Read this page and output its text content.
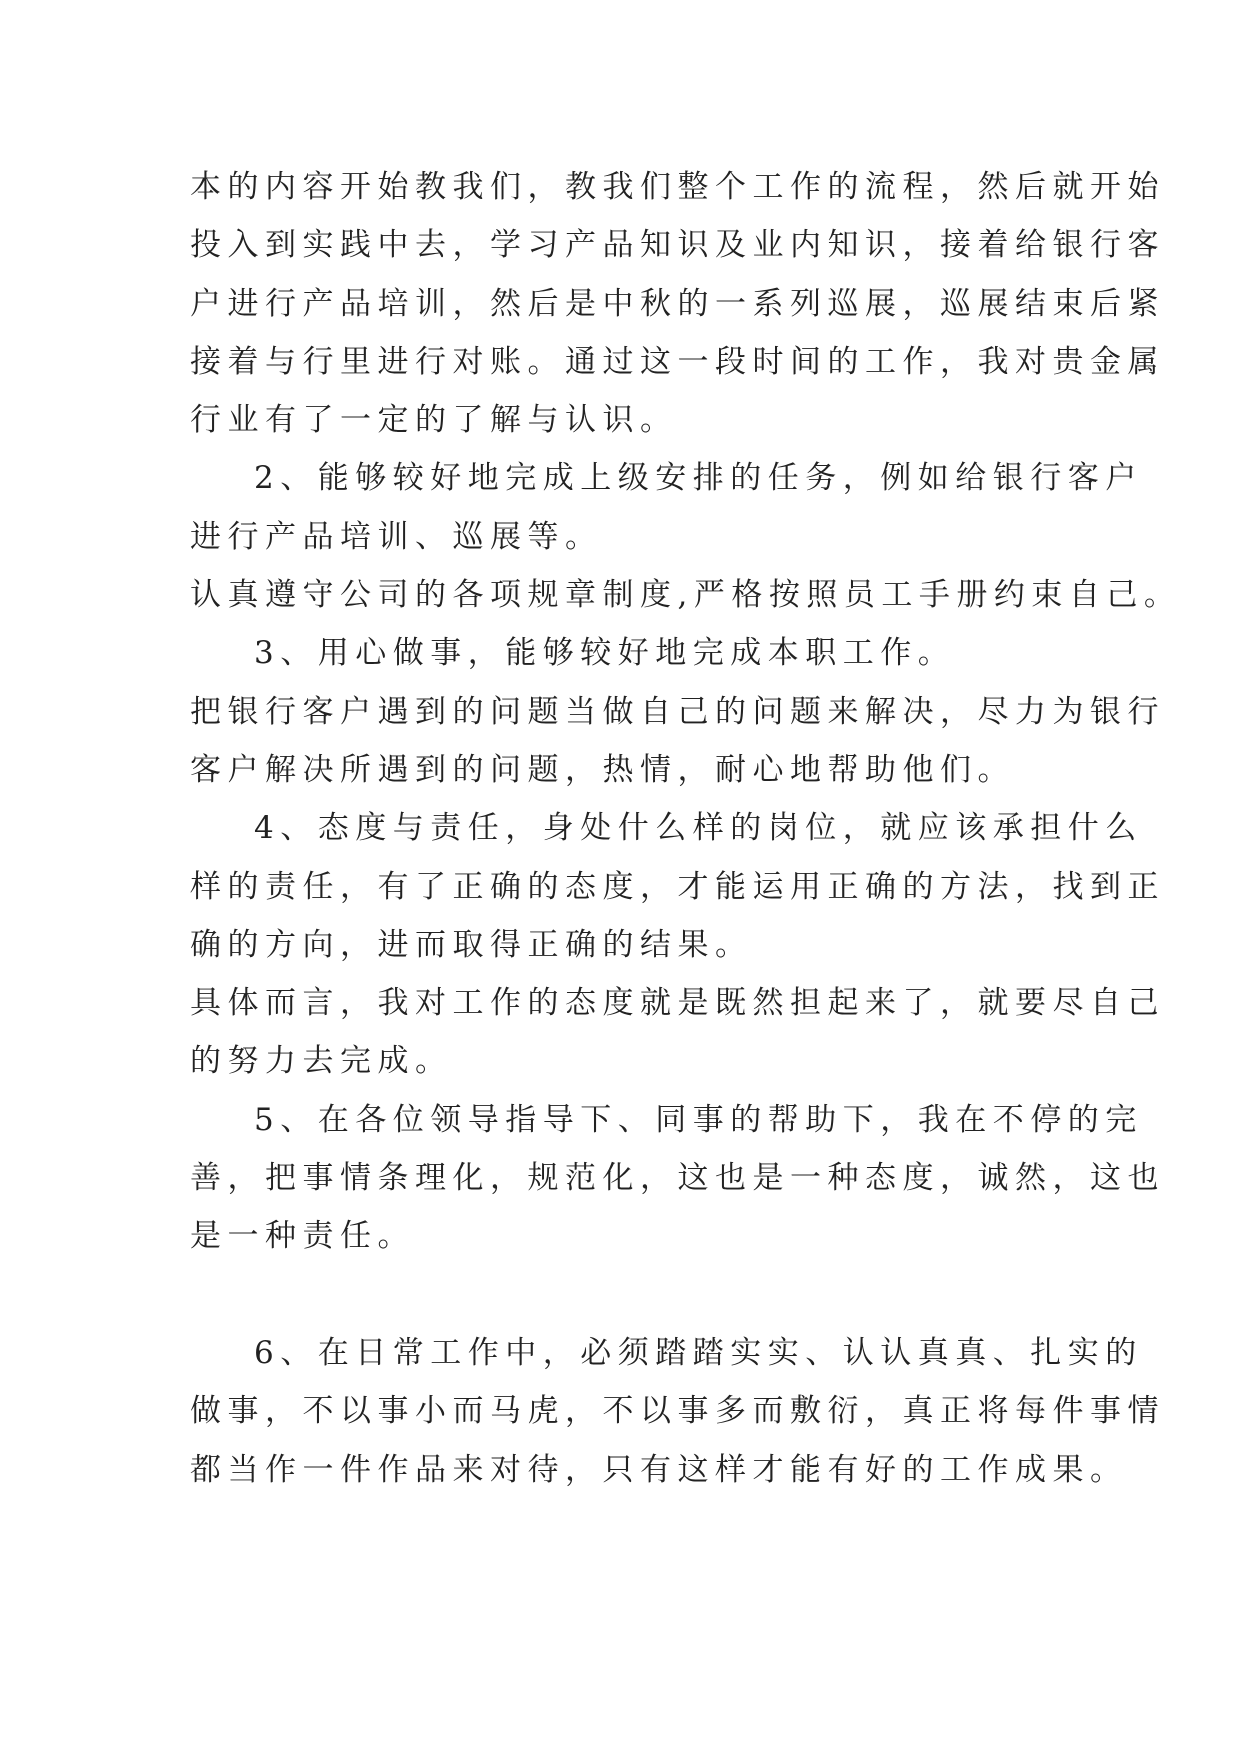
本的内容开始教我们，教我们整个工作的流程，然后就开始
投入到实践中去，学习产品知识及业内知识，接着给银行客
户进行产品培训，然后是中秋的一系列巡展，巡展结束后紧
接着与行里进行对账。通过这一段时间的工作，我对贵金属
行业有了一定的了解与认识。
2、能够较好地完成上级安排的任务，例如给银行客户
进行产品培训、巡展等。
认真遵守公司的各项规章制度,严格按照员工手册约束自己。
3、用心做事，能够较好地完成本职工作。
把银行客户遇到的问题当做自己的问题来解决，尽力为银行
客户解决所遇到的问题，热情，耐心地帮助他们。
4、态度与责任，身处什么样的岗位，就应该承担什么
样的责任，有了正确的态度，才能运用正确的方法，找到正
确的方向，进而取得正确的结果。
具体而言，我对工作的态度就是既然担起来了，就要尽自己
的努力去完成。
5、在各位领导指导下、同事的帮助下，我在不停的完
善，把事情条理化，规范化，这也是一种态度，诚然，这也
是一种责任。
6、在日常工作中，必须踏踏实实、认认真真、扎实的
做事，不以事小而马虎，不以事多而敷衍，真正将每件事情
都当作一件作品来对待，只有这样才能有好的工作成果。
